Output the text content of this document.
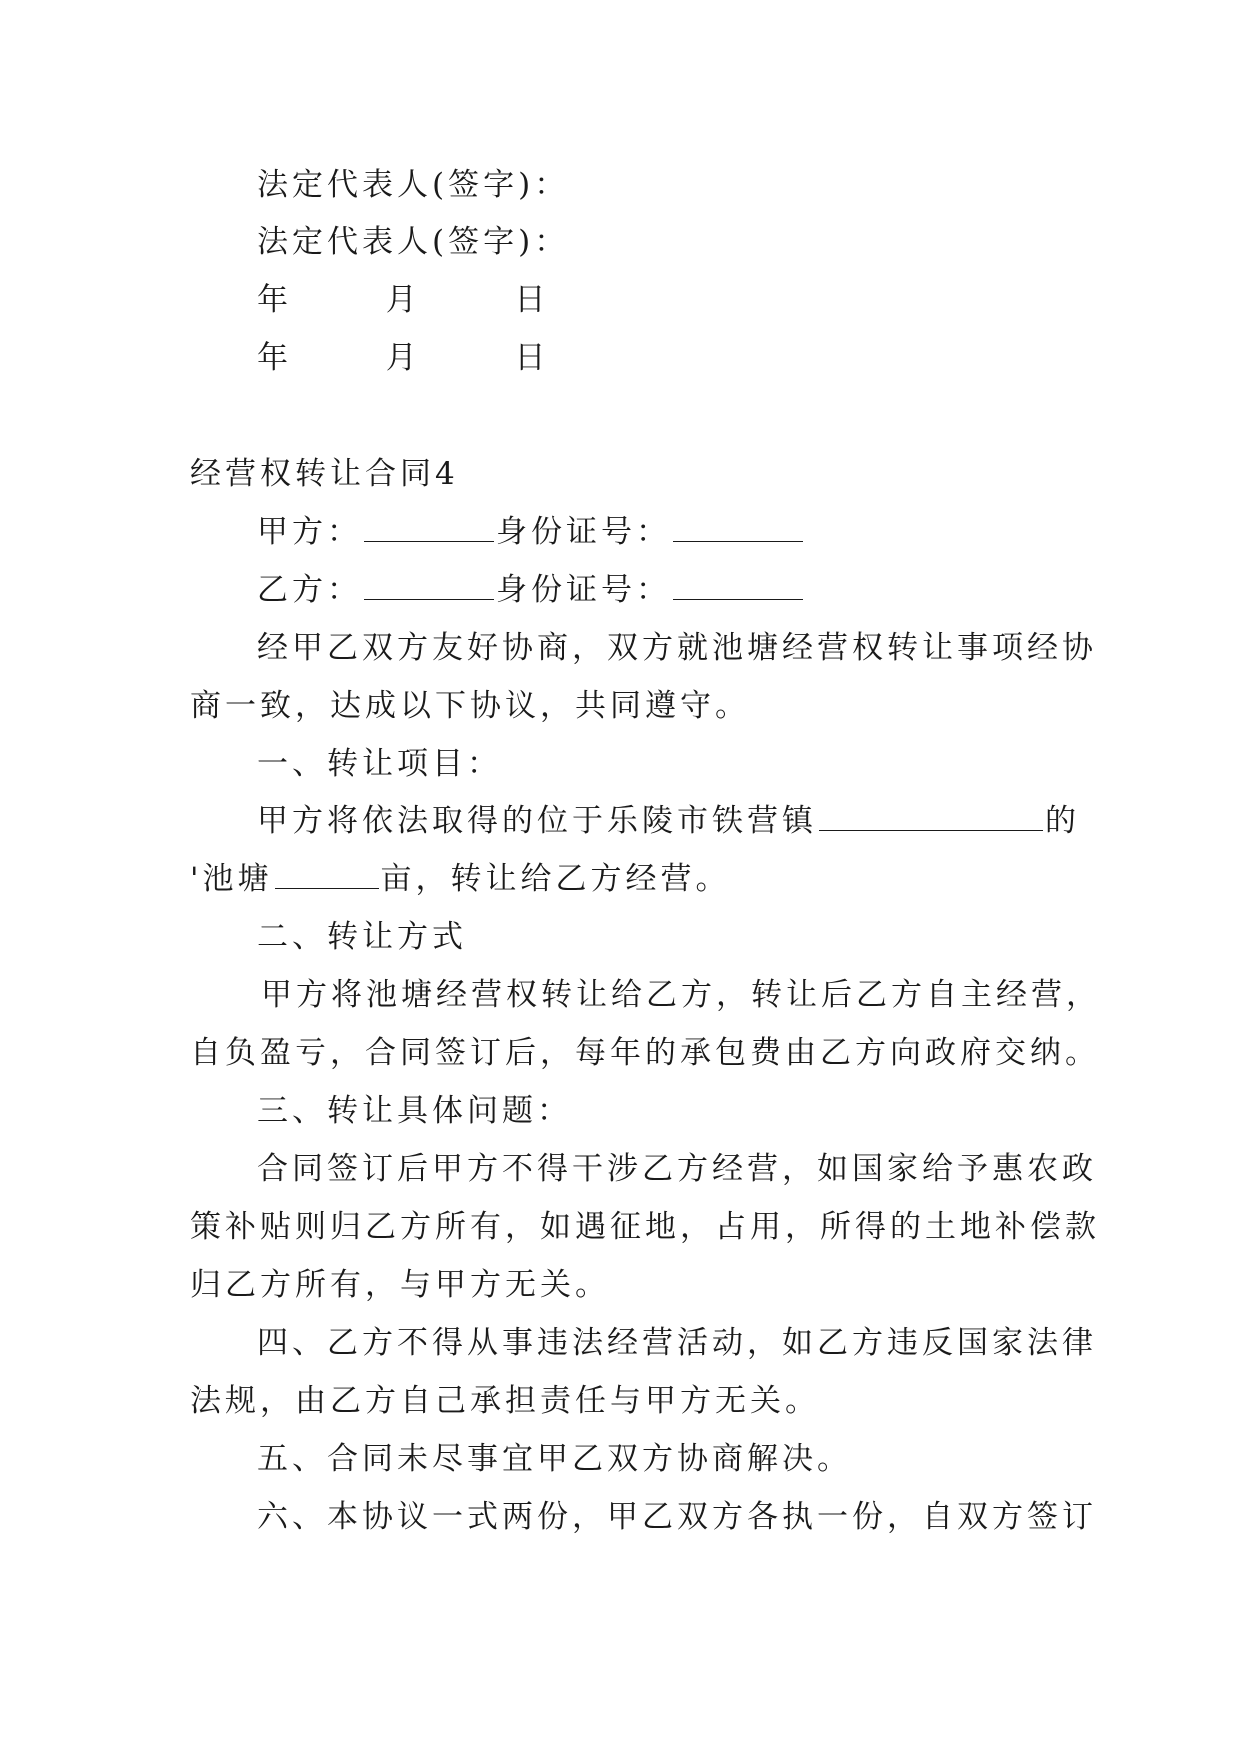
法定代表人(签字)：
法定代表人(签字)：
年	月	日
年	月	日
经营权转让合同4
甲方：	身份证号：
乙方：	身份证号：
经甲乙双方友好协商，双方就池塘经营权转让事项经协
商一致，达成以下协议，共同遵守。
一、转让项目：
甲方将依法取得的位于乐陵市铁营镇	的
'池塘	亩，转让给乙方经营。
二、转让方式
甲方将池塘经营权转让给乙方，转让后乙方自主经营，
自负盈亏，合同签订后，每年的承包费由乙方向政府交纳。
三、转让具体问题：
合同签订后甲方不得干涉乙方经营，如国家给予惠农政
策补贴则归乙方所有，如遇征地，占用，所得的土地补偿款
归乙方所有，与甲方无关。
四、乙方不得从事违法经营活动，如乙方违反国家法律
法规，由乙方自己承担责任与甲方无关。
五、合同未尽事宜甲乙双方协商解决。
六、本协议一式两份，甲乙双方各执一份，自双方签订
